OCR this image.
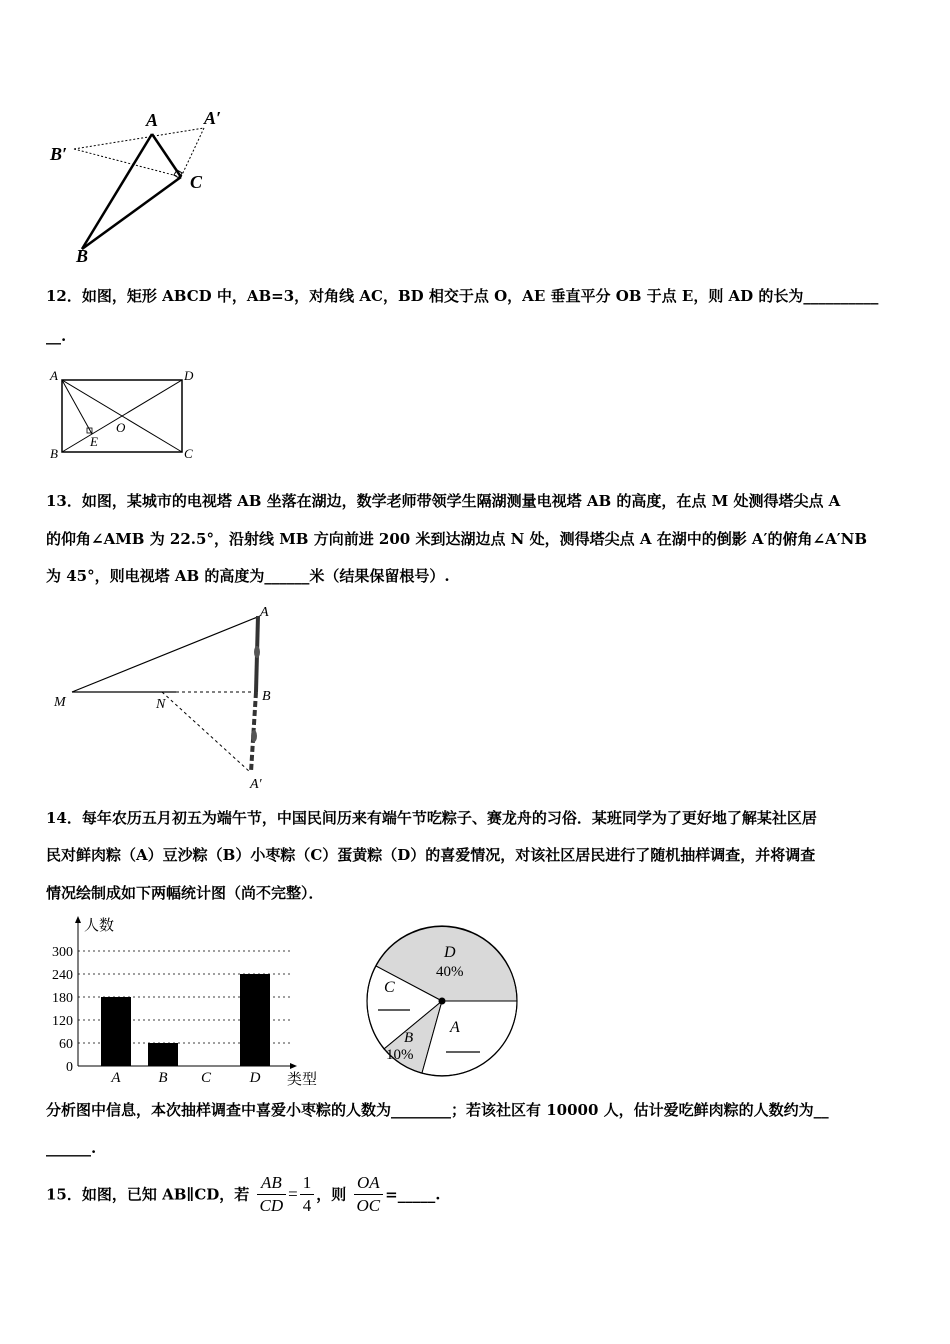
A	A′
B′
C
B
12．如图，矩形 ABCD 中，AB=3，对角线 AC，BD 相交于点 O，AE 垂直平分 OB 于点 E，则 AD 的长为__________
__.
A	D
B	C
O
E
13．如图，某城市的电视塔 AB 坐落在湖边，数学老师带领学生隔湖测量电视塔 AB 的高度，在点 M 处测得塔尖点 A
的仰角∠AMB 为 22.5°，沿射线 MB 方向前进 200 米到达湖边点 N 处，测得塔尖点 A 在湖中的倒影 A′的俯角∠A′NB
为 45°，则电视塔 AB 的高度为______米（结果保留根号）.
A
M	N
B
A′
14．每年农历五月初五为端午节，中国民间历来有端午节吃粽子、赛龙舟的习俗．某班同学为了更好地了解某社区居
民对鲜肉粽（A）豆沙粽（B）小枣粽（C）蛋黄粽（D）的喜爱情况，对该社区居民进行了随机抽样调查，并将调查
情况绘制成如下两幅统计图（尚不完整）．
0
60
120
180
240
300
A	B C	D
人数
类型
D
40%
C
B
10%
A
分析图中信息，本次抽样调查中喜爱小枣粽的人数为________；若该社区有 10000 人，估计爱吃鲜肉粽的人数约为__
______.
15．如图，已知 AB∥CD，若 $\frac{AB}{CD} = \frac{1}{4}$ ，则 $\frac{OA}{OC}$ =_____.
